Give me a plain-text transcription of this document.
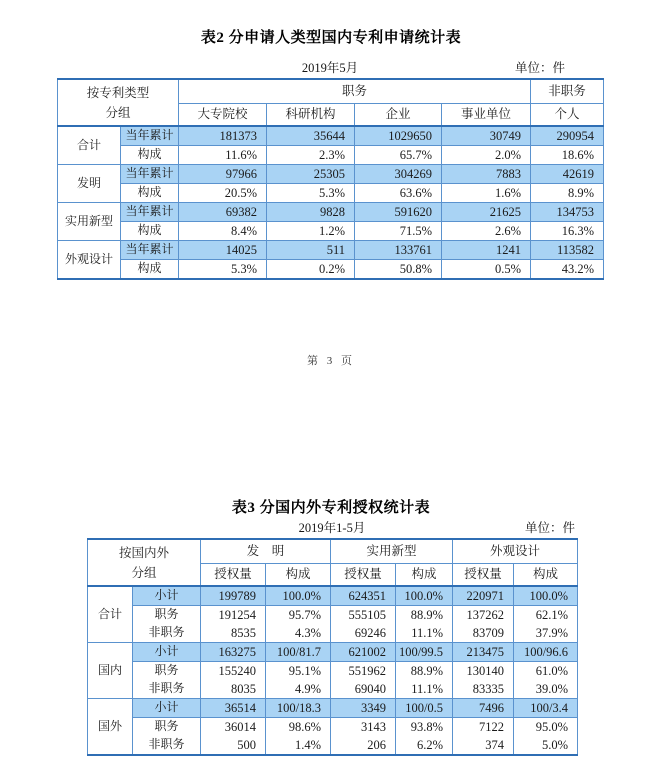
表2 分申请人类型国内专利申请统计表
2019年5月	单位：件
按专利类型
分组		职务				非职务
		大专院校	科研机构	企业	事业单位	个人
合计	当年累计	181373	35644	1029650	30749	290954
	构成	11.6%	2.3%	65.7%	2.0%	18.6%
发明	当年累计	97966	25305	304269	7883	42619
	构成	20.5%	5.3%	63.6%	1.6%	8.9%
实用新型	当年累计	69382	9828	591620	21625	134753
	构成	8.4%	1.2%	71.5%	2.6%	16.3%
外观设计	当年累计	14025	511	133761	1241	113582
	构成	5.3%	0.2%	50.8%	0.5%	43.2%
第 3 页
表3 分国内外专利授权统计表
2019年1-5月	单位：件
按国内外
分组		发　明		实用新型		外观设计	
		授权量	构成	授权量	构成	授权量	构成
合计	小计	199789	100.0%	624351	100.0%	220971	100.0%
	职务	191254	95.7%	555105	88.9%	137262	62.1%
	非职务	8535	4.3%	69246	11.1%	83709	37.9%
国内	小计	163275	100/81.7	621002	100/99.5	213475	100/96.6
	职务	155240	95.1%	551962	88.9%	130140	61.0%
	非职务	8035	4.9%	69040	11.1%	83335	39.0%
国外	小计	36514	100/18.3	3349	100/0.5	7496	100/3.4
	职务	36014	98.6%	3143	93.8%	7122	95.0%
	非职务	500	1.4%	206	6.2%	374	5.0%
